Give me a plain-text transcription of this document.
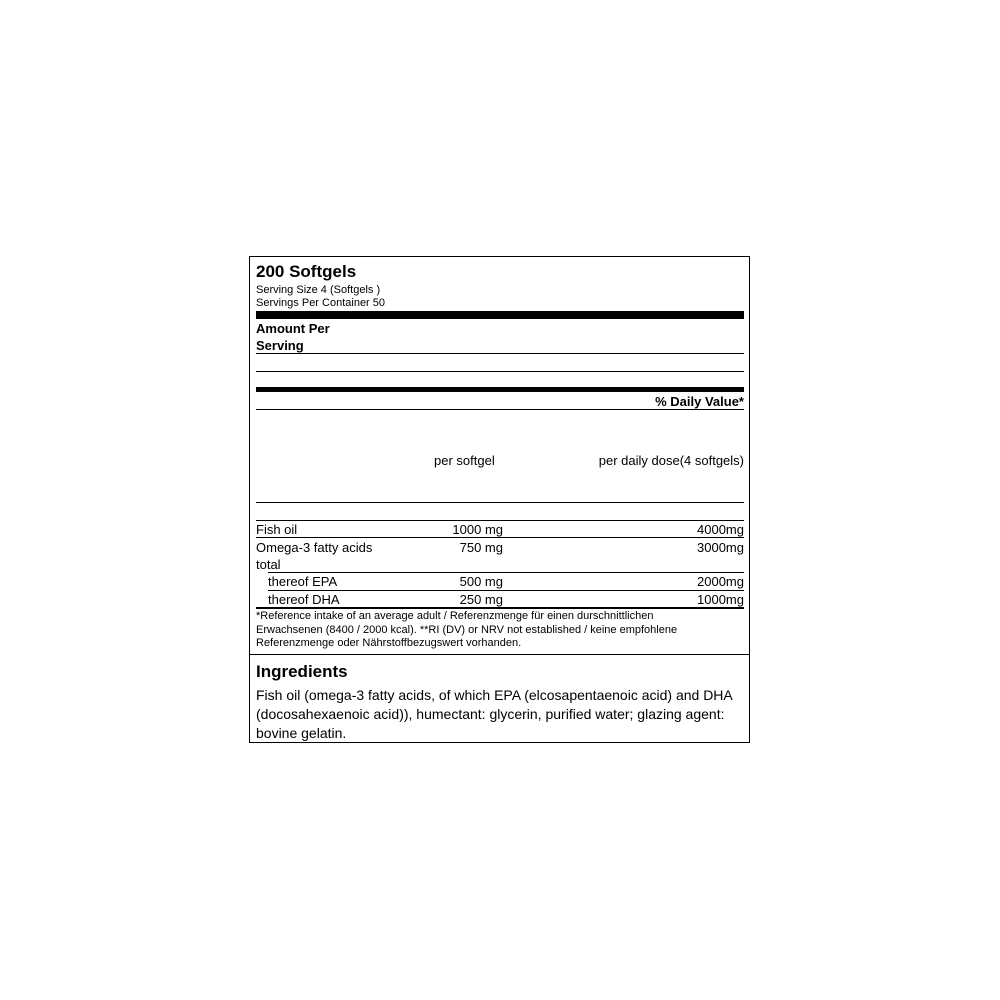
200 Softgels
Serving Size 4 (Softgels )
Servings Per Container 50
Amount Per
Serving
% Daily Value*
per softgel	per daily dose(4 softgels)
Fish oil	1000 mg	4000mg
Omega-3 fatty acids
total
750 mg	3000mg
thereof EPA	500 mg	2000mg
thereof DHA	250 mg	1000mg
*Reference intake of an average adult / Referenzmenge für einen durschnittlichen
Erwachsenen (8400 / 2000 kcal). **RI (DV) or NRV not established / keine empfohlene
Referenzmenge oder Nährstoffbezugswert vorhanden.
Ingredients
Fish oil (omega-3 fatty acids, of which EPA (elcosapentaenoic acid) and DHA
(docosahexaenoic acid)), humectant: glycerin, purified water; glazing agent:
bovine gelatin.
